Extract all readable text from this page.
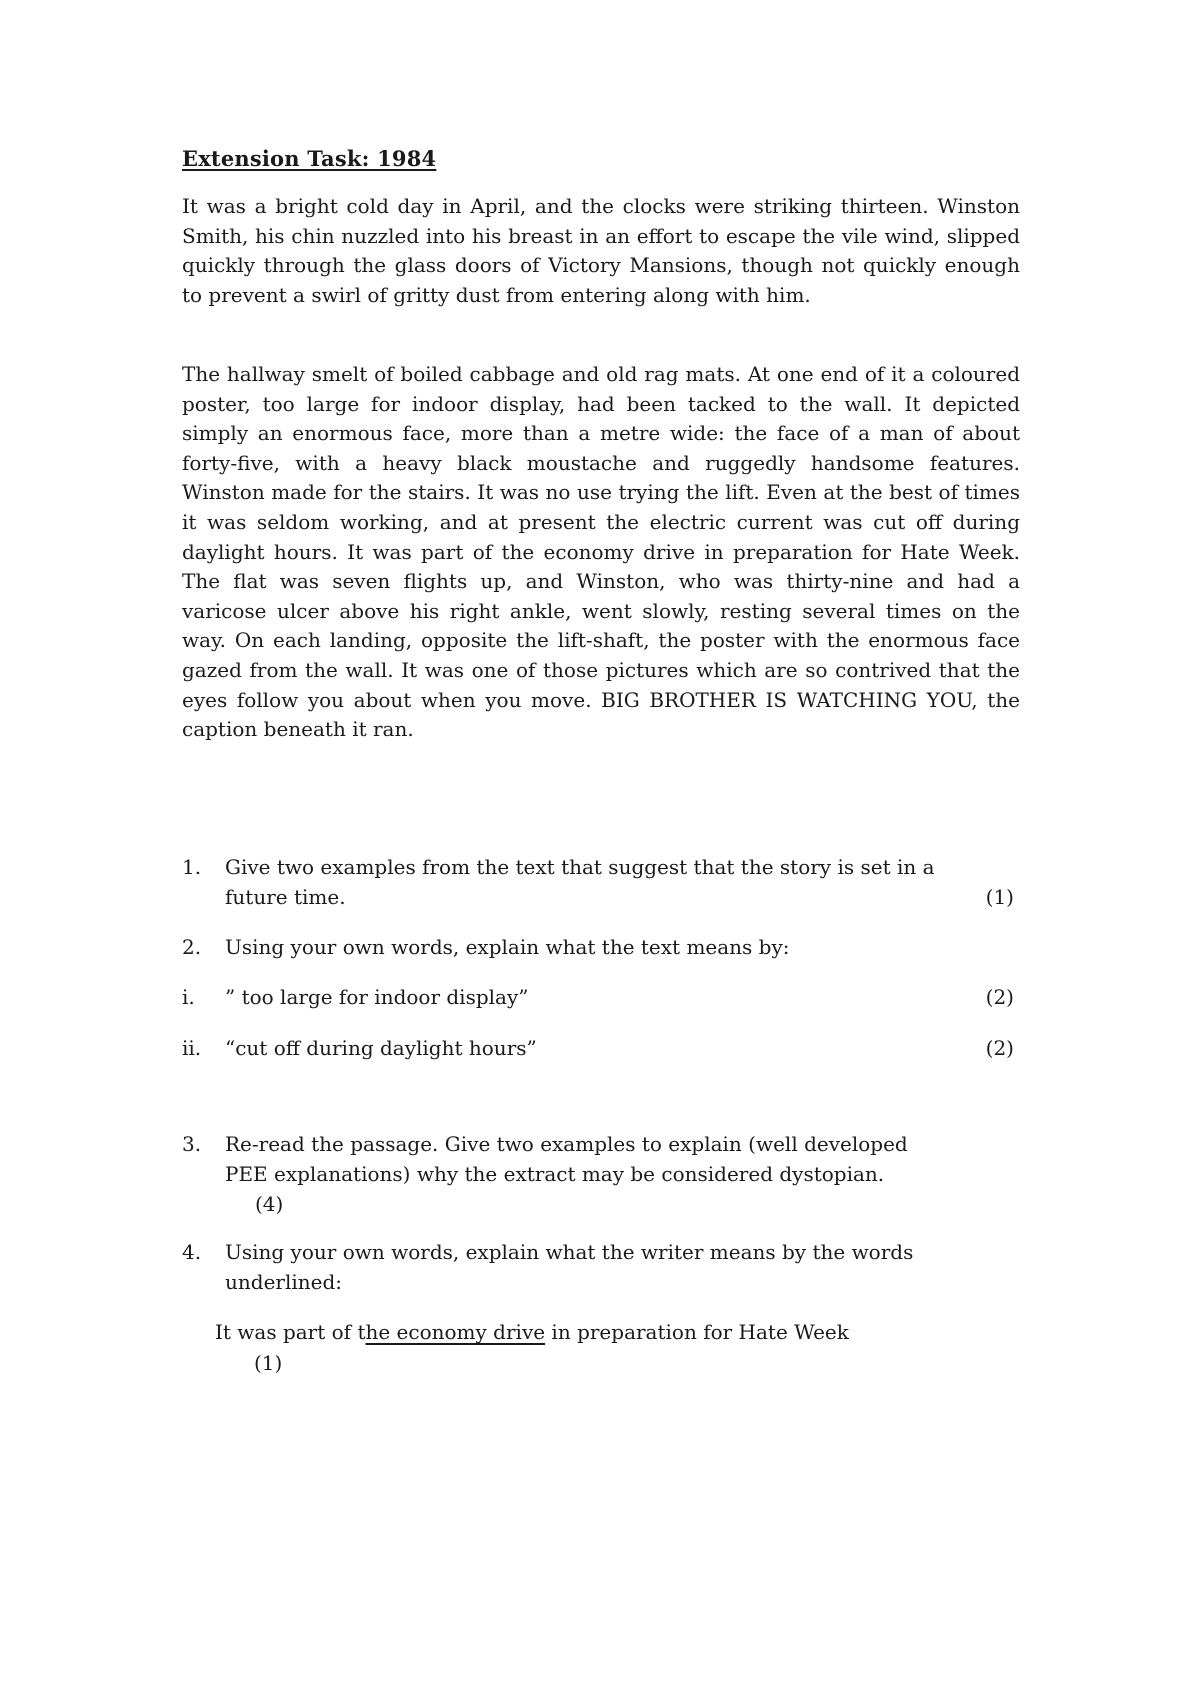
Extension Task: 1984

It was a bright cold day in April, and the clocks were striking thirteen. Winston Smith, his chin nuzzled into his breast in an effort to escape the vile wind, slipped quickly through the glass doors of Victory Mansions, though not quickly enough to prevent a swirl of gritty dust from entering along with him.

The hallway smelt of boiled cabbage and old rag mats. At one end of it a coloured poster, too large for indoor display, had been tacked to the wall. It depicted simply an enormous face, more than a metre wide: the face of a man of about forty-five, with a heavy black moustache and ruggedly handsome features. Winston made for the stairs. It was no use trying the lift. Even at the best of times it was seldom working, and at present the electric current was cut off during daylight hours. It was part of the economy drive in preparation for Hate Week. The flat was seven flights up, and Winston, who was thirty-nine and had a varicose ulcer above his right ankle, went slowly, resting several times on the way. On each landing, opposite the lift-shaft, the poster with the enormous face gazed from the wall. It was one of those pictures which are so contrived that the eyes follow you about when you move. BIG BROTHER IS WATCHING YOU, the caption beneath it ran.

1.	Give two examples from the text that suggest that the story is set in a
future time.	(1)
2.	Using your own words, explain what the text means by:
i.	” too large for indoor display”	(2)
ii.	“cut off during daylight hours”	(2)
3.	Re-read the passage. Give two examples to explain (well developed
PEE explanations) why the extract may be considered dystopian.
(4)
4.	Using your own words, explain what the writer means by the words
underlined:
It was part of the economy drive in preparation for Hate Week
(1)
